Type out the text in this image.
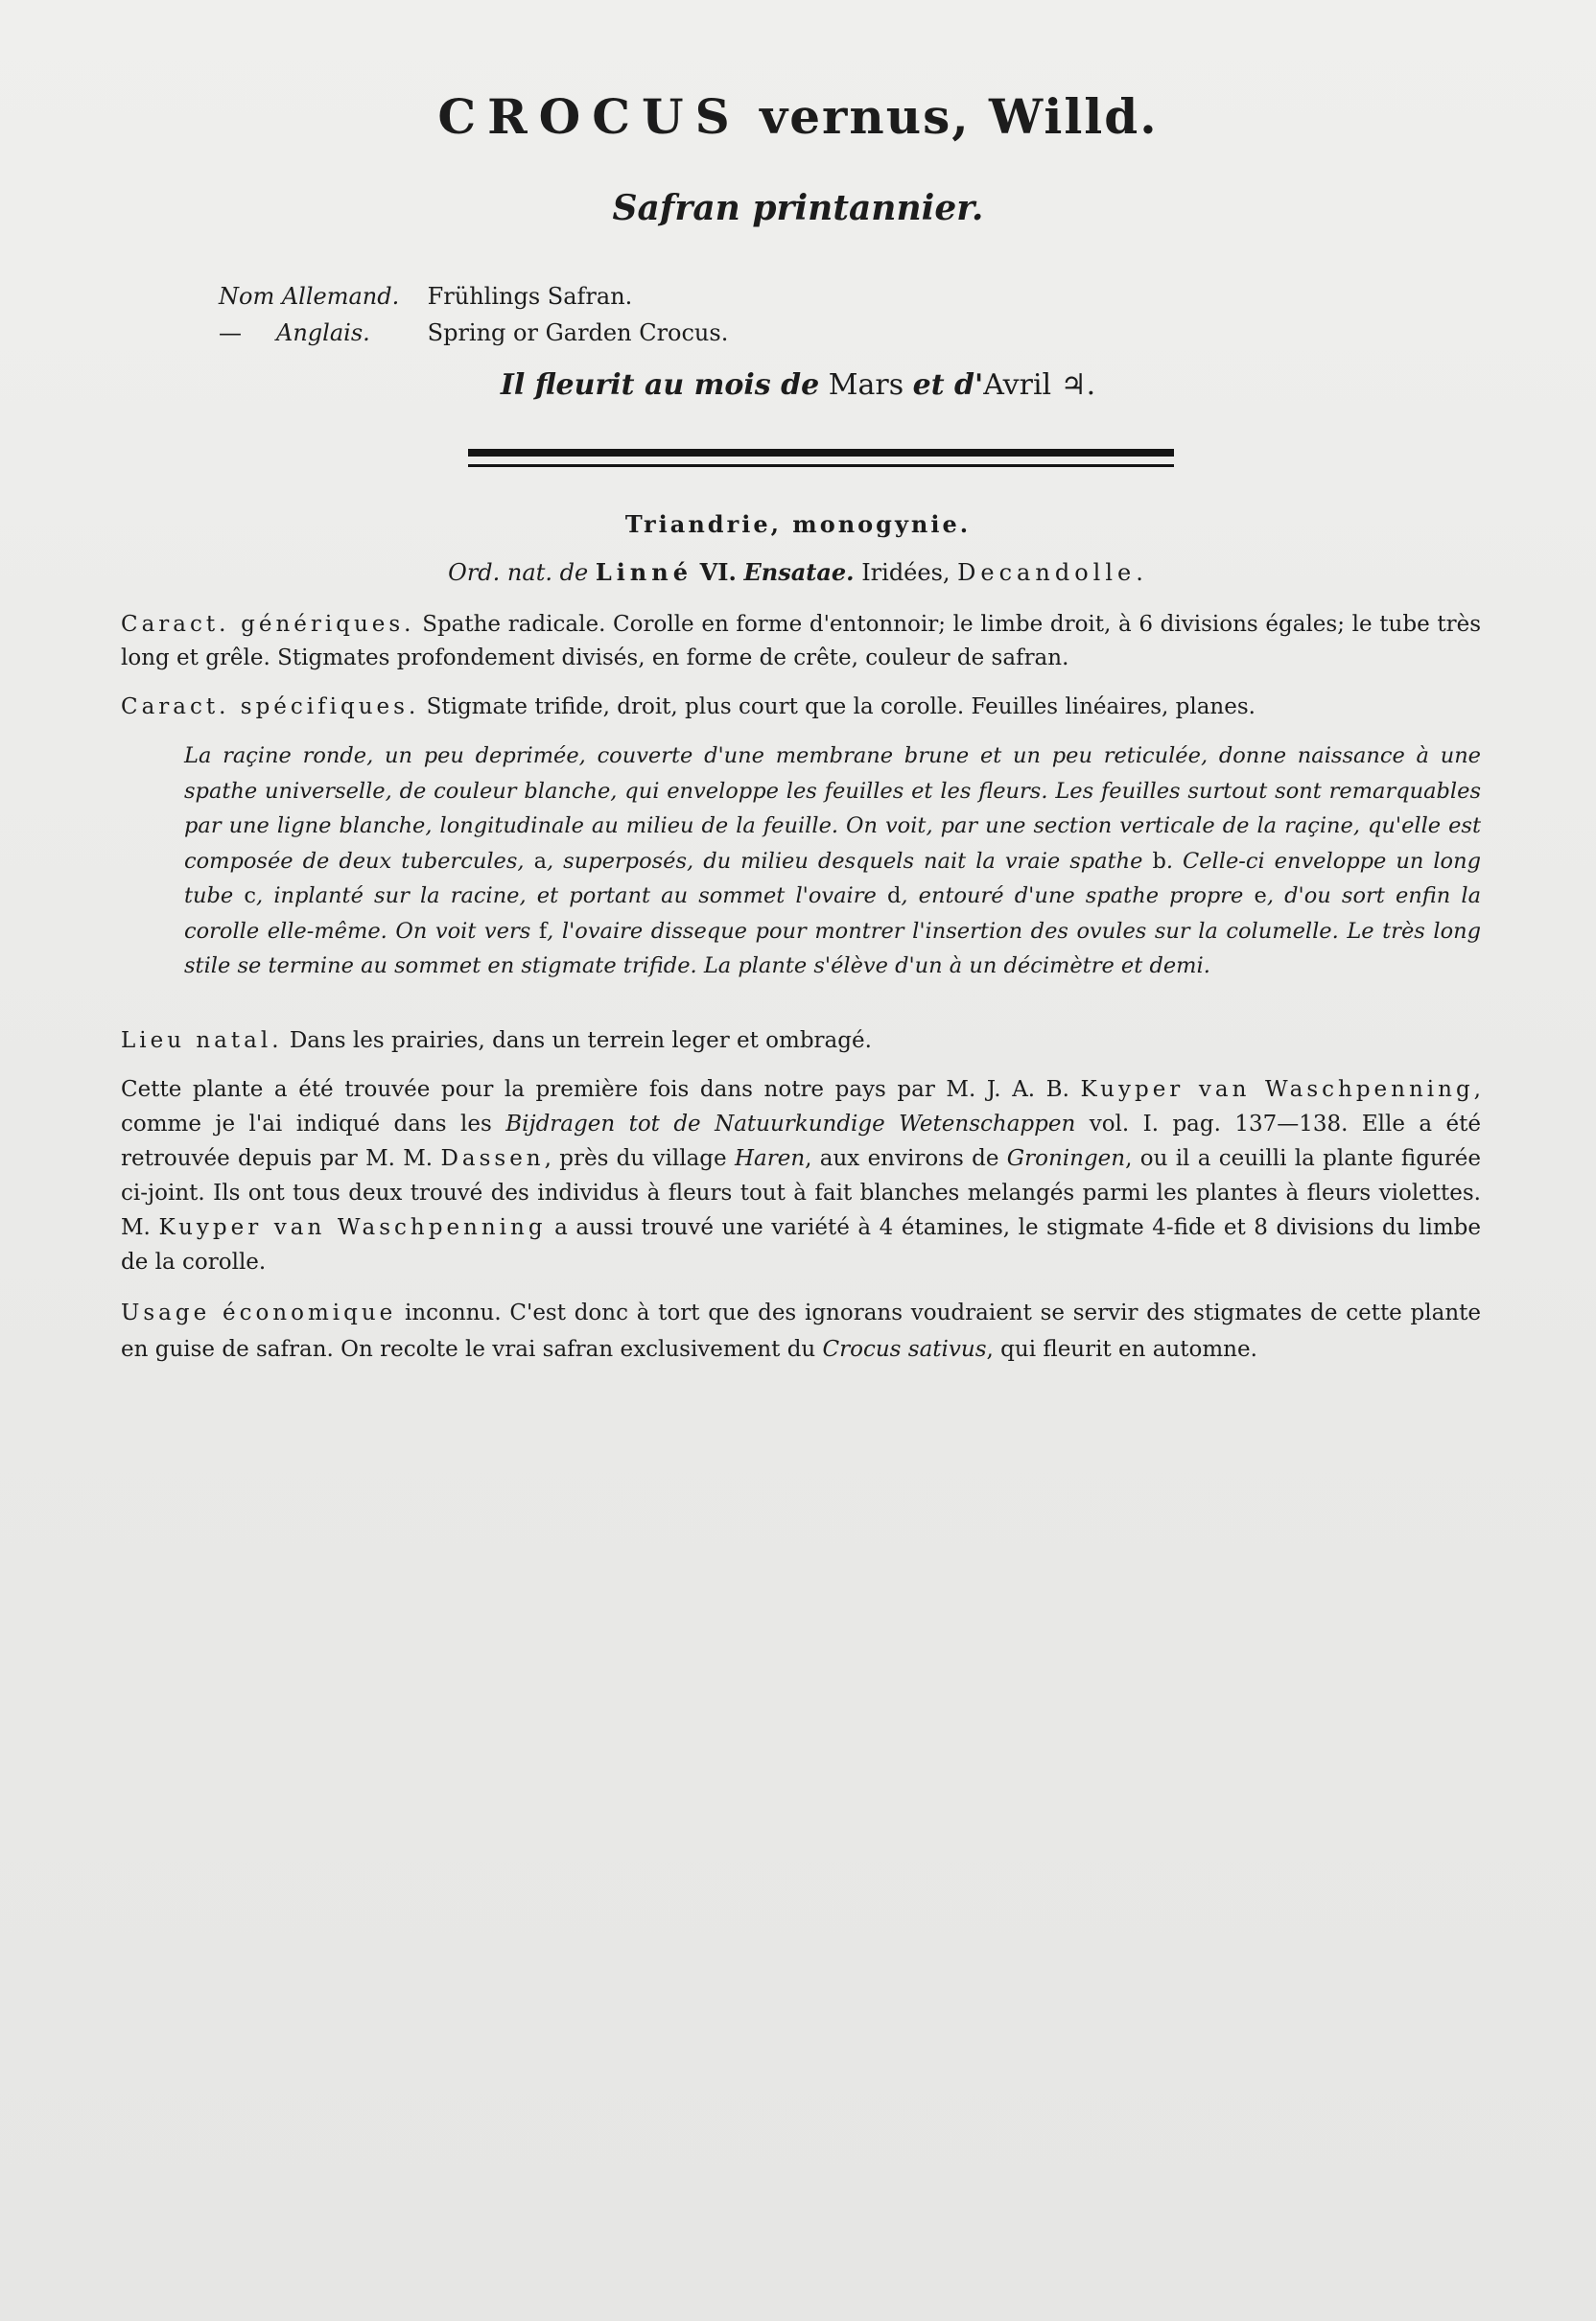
CROCUS vernus, Willd.
Safran printannier.
Nom Allemand. Frühlings Safran.
— Anglais. Spring or Garden Crocus.
Il fleurit au mois de Mars et d'Avril ♃.
Triandrie, monogynie.
Ord. nat. de Linné VI. Ensatae. Iridées, Decandolle.
Caract. génériques. Spathe radicale. Corolle en forme d'entonnoir; le limbe droit, à 6 divisions égales; le tube très long et grêle. Stigmates profondement divisés, en forme de crête, couleur de safran.
Caract. spécifiques. Stigmate trifide, droit, plus court que la corolle. Feuilles linéaires, planes.
La raçine ronde, un peu deprimée, couverte d'une membrane brune et un peu reticulée, donne naissance à une spathe universelle, de couleur blanche, qui enveloppe les feuilles et les fleurs. Les feuilles surtout sont remarquables par une ligne blanche, longitudinale au milieu de la feuille. On voit, par une section verticale de la raçine, qu'elle est composée de deux tubercules, a, superposés, du milieu desquels nait la vraie spathe b. Celle-ci enveloppe un long tube c, inplanté sur la racine, et portant au sommet l'ovaire d, entouré d'une spathe propre e, d'ou sort enfin la corolle elle-même. On voit vers f, l'ovaire disseque pour montrer l'insertion des ovules sur la columelle. Le très long stile se termine au sommet en stigmate trifide. La plante s'élève d'un à un décimètre et demi.
Lieu natal. Dans les prairies, dans un terrein leger et ombragé.
Cette plante a été trouvée pour la première fois dans notre pays par M. J. A. B. Kuyper van Waschpenning, comme je l'ai indiqué dans les Bijdragen tot de Natuurkundige Wetenschappen vol. I. pag. 137—138. Elle a été retrouvée depuis par M. M. Dassen, près du village Haren, aux environs de Groningen, ou il a ceuilli la plante figurée ci-joint. Ils ont tous deux trouvé des individus à fleurs tout à fait blanches melangés parmi les plantes à fleurs violettes. M. Kuyper van Waschpenning a aussi trouvé une variété à 4 étamines, le stigmate 4-fide et 8 divisions du limbe de la corolle.
Usage économique inconnu. C'est donc à tort que des ignorans voudraient se servir des stigmates de cette plante en guise de safran. On recolte le vrai safran exclusivement du Crocus sativus, qui fleurit en automne.
